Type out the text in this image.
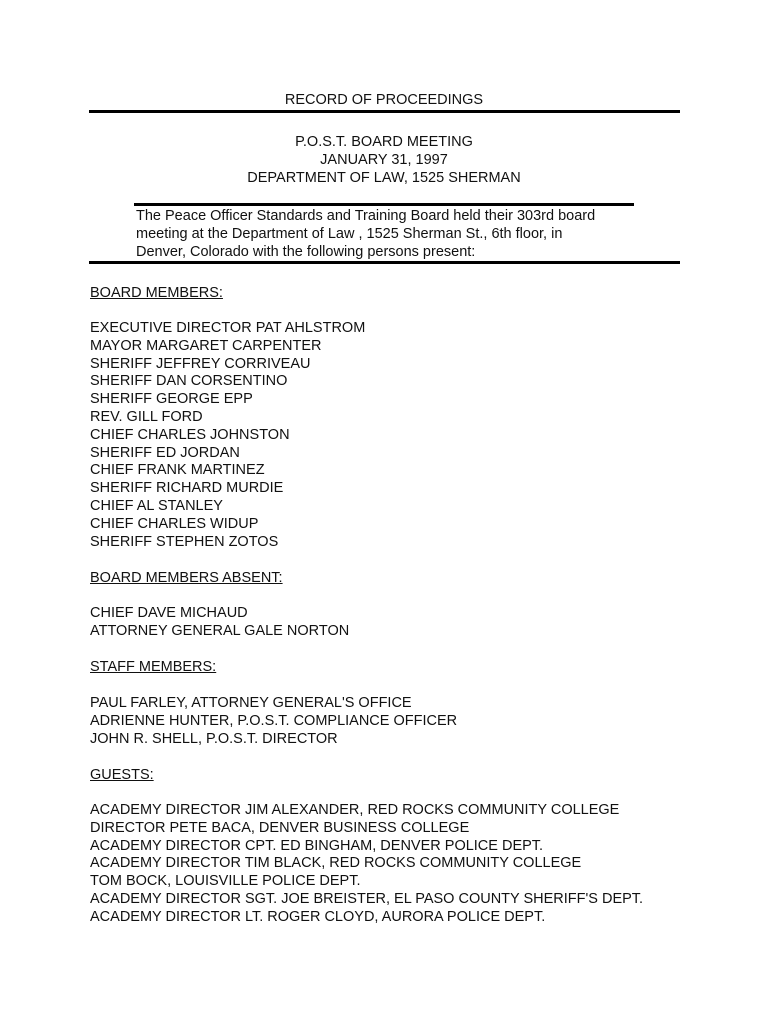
RECORD OF PROCEEDINGS
P.O.S.T. BOARD MEETING
JANUARY 31, 1997
DEPARTMENT OF LAW, 1525 SHERMAN
The Peace Officer Standards and Training Board held their 303rd board
meeting at the Department of Law , 1525 Sherman St., 6th floor, in
Denver, Colorado with the following persons present:
BOARD MEMBERS:
EXECUTIVE DIRECTOR PAT AHLSTROM
MAYOR MARGARET CARPENTER
SHERIFF JEFFREY CORRIVEAU
SHERIFF DAN CORSENTINO
SHERIFF GEORGE EPP
REV. GILL FORD
CHIEF CHARLES JOHNSTON
SHERIFF ED JORDAN
CHIEF FRANK MARTINEZ
SHERIFF RICHARD MURDIE
CHIEF AL STANLEY
CHIEF CHARLES WIDUP
SHERIFF STEPHEN ZOTOS
BOARD MEMBERS ABSENT:
CHIEF DAVE MICHAUD
ATTORNEY GENERAL GALE NORTON
STAFF MEMBERS:
PAUL FARLEY, ATTORNEY GENERAL'S OFFICE
ADRIENNE HUNTER, P.O.S.T. COMPLIANCE OFFICER
JOHN R. SHELL, P.O.S.T. DIRECTOR
GUESTS:
ACADEMY DIRECTOR JIM ALEXANDER, RED ROCKS COMMUNITY COLLEGE
DIRECTOR PETE BACA, DENVER BUSINESS COLLEGE
ACADEMY DIRECTOR CPT. ED BINGHAM, DENVER POLICE DEPT.
ACADEMY DIRECTOR TIM BLACK, RED ROCKS COMMUNITY COLLEGE
TOM BOCK, LOUISVILLE POLICE DEPT.
ACADEMY DIRECTOR SGT. JOE BREISTER, EL PASO COUNTY SHERIFF'S DEPT.
ACADEMY DIRECTOR LT. ROGER CLOYD, AURORA POLICE DEPT.
